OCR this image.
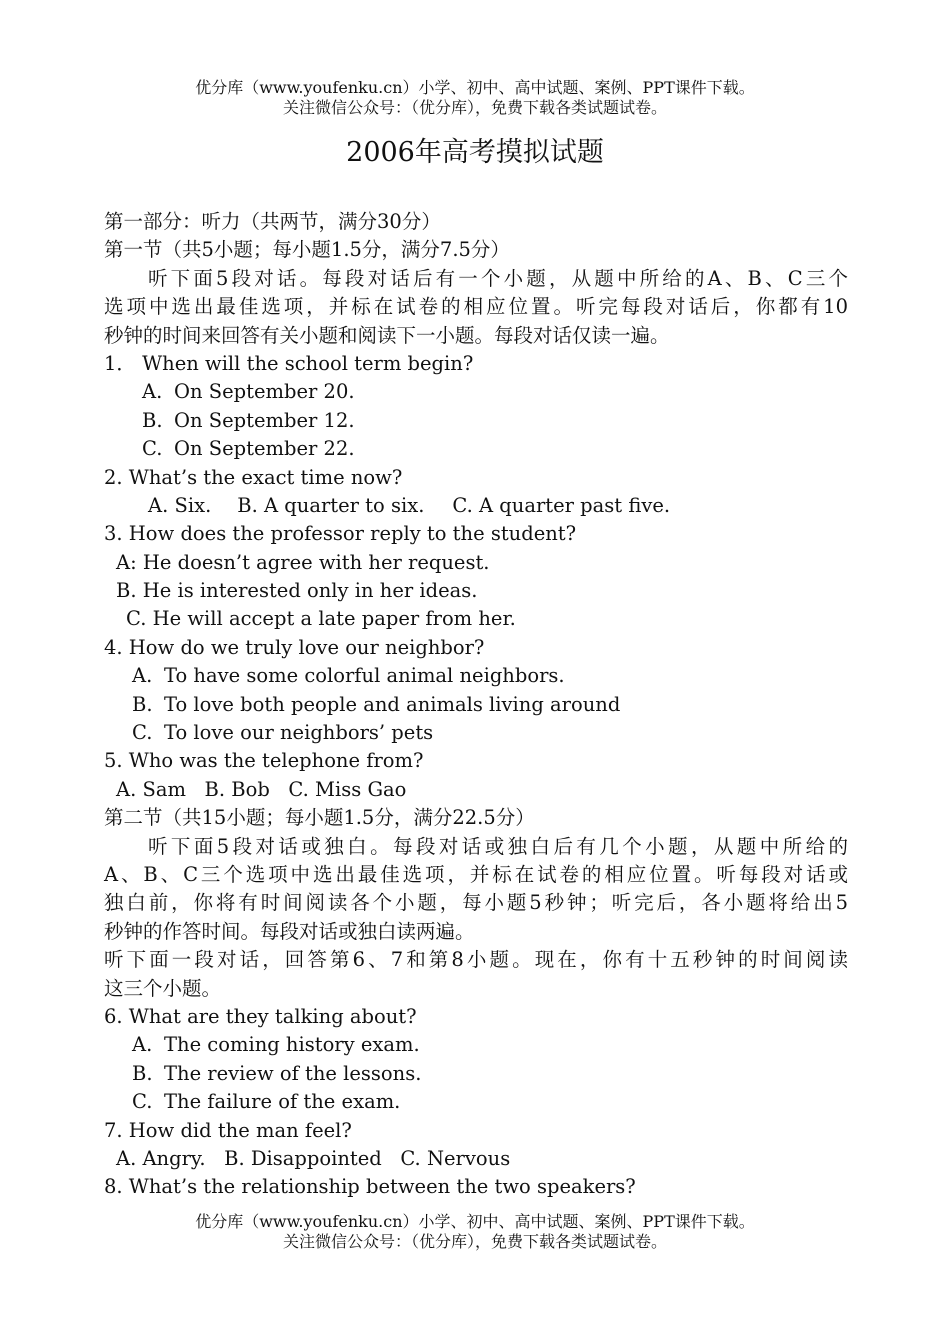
优分库（www.youfenku.cn）小学、初中、高中试题、案例、PPT课件下载。
关注微信公众号：（优分库），免费下载各类试题试卷。
2006年高考摸拟试题
第一部分：听力（共两节，满分30分）
第一节（共5小题；每小题1.5分，满分7.5分）
听下面5段对话。每段对话后有一个小题，从题中所给的A、B、C三个
选项中选出最佳选项，并标在试卷的相应位置。听完每段对话后，你都有10
秒钟的时间来回答有关小题和阅读下一小题。每段对话仅读一遍。
1． When will the school term begin?
A. On September 20.
B. On September 12.
C. On September 22.
2. What’s the exact time now?
A. Six. B. A quarter to six. C. A quarter past five.
3. How does the professor reply to the student?
A: He doesn’t agree with her request.
B. He is interested only in her ideas.
C. He will accept a late paper from her.
4. How do we truly love our neighbor?
A. To have some colorful animal neighbors.
B. To love both people and animals living around
C. To love our neighbors’ pets
5. Who was the telephone from?
A. Sam   B. Bob   C. Miss Gao
第二节（共15小题；每小题1.5分，满分22.5分）
听下面5段对话或独白。每段对话或独白后有几个小题，从题中所给的
A、B、C三个选项中选出最佳选项，并标在试卷的相应位置。听每段对话或
独白前，你将有时间阅读各个小题，每小题5秒钟；听完后，各小题将给出5
秒钟的作答时间。每段对话或独白读两遍。
听下面一段对话，回答第6、7和第8小题。现在，你有十五秒钟的时间阅读
这三个小题。
6. What are they talking about?
A. The coming history exam.
B. The review of the lessons.
C. The failure of the exam.
7. How did the man feel?
A. Angry.   B. Disappointed   C. Nervous
8. What’s the relationship between the two speakers?
优分库（www.youfenku.cn）小学、初中、高中试题、案例、PPT课件下载。
关注微信公众号：（优分库），免费下载各类试题试卷。
